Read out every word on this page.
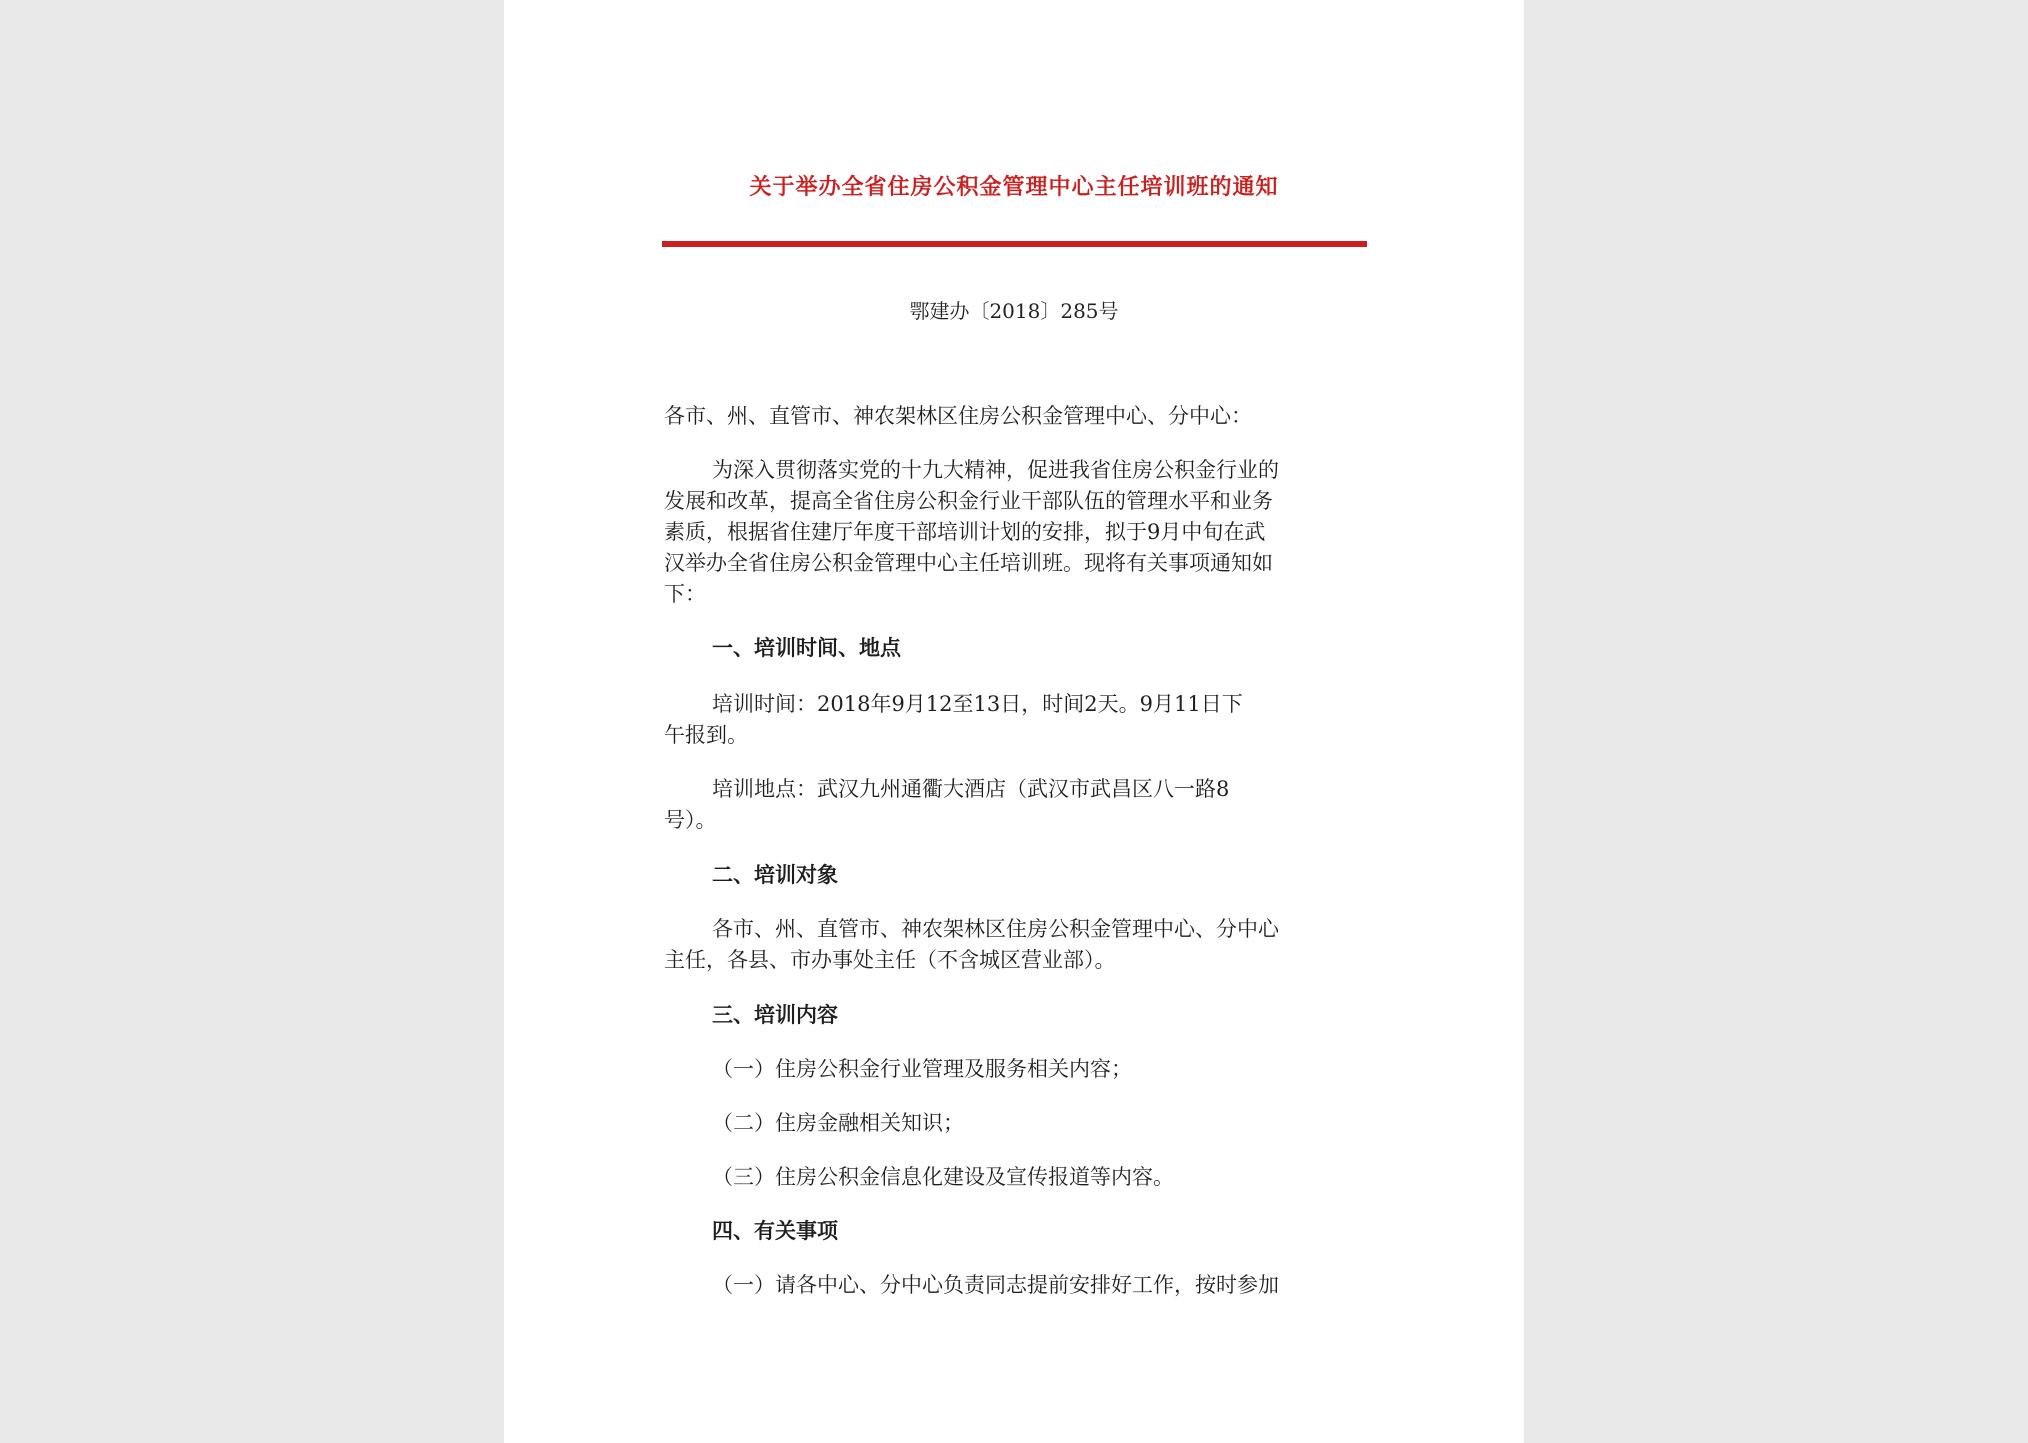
关于举办全省住房公积金管理中心主任培训班的通知
鄂建办〔2018〕285号
各市、州、直管市、神农架林区住房公积金管理中心、分中心：
为深入贯彻落实党的十九大精神，促进我省住房公积金行业的
发展和改革，提高全省住房公积金行业干部队伍的管理水平和业务
素质，根据省住建厅年度干部培训计划的安排，拟于9月中旬在武
汉举办全省住房公积金管理中心主任培训班。现将有关事项通知如
下：
一、培训时间、地点
培训时间：2018年9月12至13日，时间2天。9月11日下
午报到。
培训地点：武汉九州通衢大酒店（武汉市武昌区八一路8
号）。
二、培训对象
各市、州、直管市、神农架林区住房公积金管理中心、分中心
主任，各县、市办事处主任（不含城区营业部）。
三、培训内容
（一）住房公积金行业管理及服务相关内容；
（二）住房金融相关知识；
（三）住房公积金信息化建设及宣传报道等内容。
四、有关事项
（一）请各中心、分中心负责同志提前安排好工作，按时参加
